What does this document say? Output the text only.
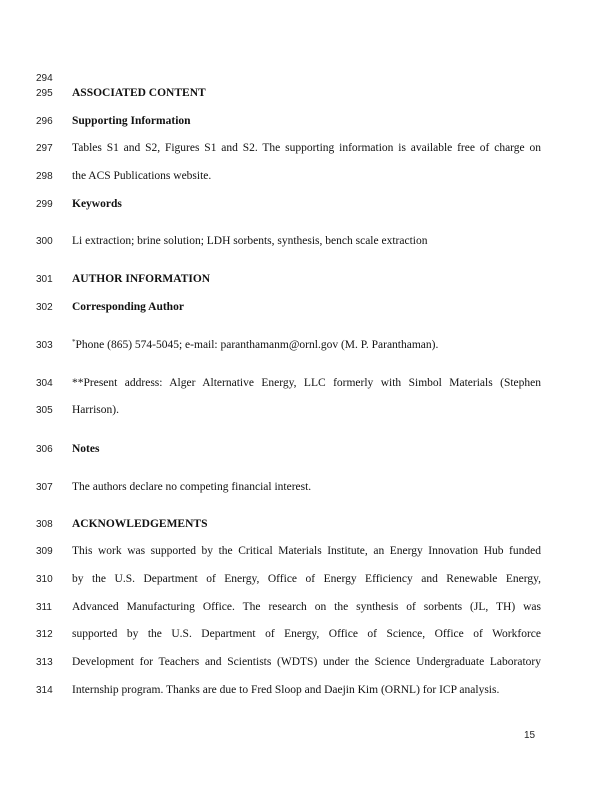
294
295
296
297
298
299
300
301
302
303
304
305
306
307
308
309
310
311
312
313
314
ASSOCIATED CONTENT
Supporting Information
Tables S1 and S2, Figures S1 and S2. The supporting information is available free of charge on
the ACS Publications website.
Keywords
Li extraction; brine solution; LDH sorbents, synthesis, bench scale extraction
AUTHOR INFORMATION
Corresponding Author
*Phone (865) 574-5045; e-mail: paranthamanm@ornl.gov (M. P. Paranthaman).
**Present address: Alger Alternative Energy, LLC formerly with Simbol Materials (Stephen
Harrison).
Notes
The authors declare no competing financial interest.
ACKNOWLEDGEMENTS
This work was supported by the Critical Materials Institute, an Energy Innovation Hub funded
by the U.S. Department of Energy, Office of Energy Efficiency and Renewable Energy,
Advanced Manufacturing Office. The research on the synthesis of sorbents (JL, TH) was
supported by the U.S. Department of Energy, Office of Science, Office of Workforce
Development for Teachers and Scientists (WDTS) under the Science Undergraduate Laboratory
Internship program. Thanks are due to Fred Sloop and Daejin Kim (ORNL) for ICP analysis.
15
